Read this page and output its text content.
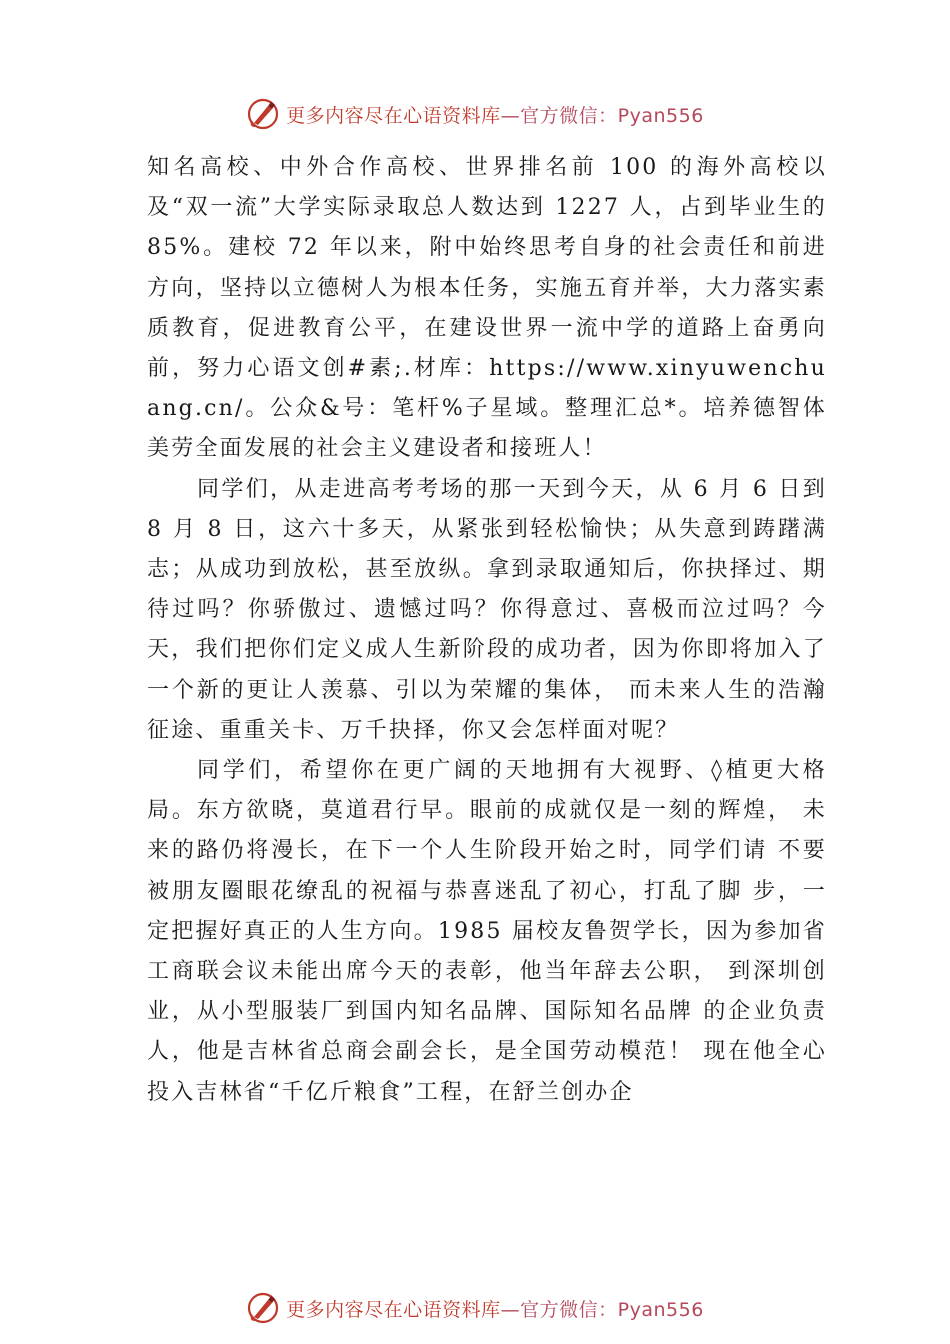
更多内容尽在心语资料库 —官方微信：Pyan556

知名高校、中外合作高校、世界排名前 100 的海外高校以及“双一流”大学实际录取总人数达到 1227 人，占到毕业生的 85%。建校 72 年以来，附中始终思考自身的社会责任和前进方向，坚持以立德树人为根本任务，实施五育并举，大力落实素质教育，促进教育公平，在建设世界一流中学的道路上奋勇向前，努力心语文创#素;.材库：https://www.xinyuwenchuang.cn/。公众&号：笔杆%子星域。整理汇总*。培养德智体美劳全面发展的社会主义建设者和接班人！

同学们，从走进高考考场的那一天到今天，从 6 月 6 日到 8 月 8 日，这六十多天，从紧张到轻松愉快；从失意到踌躇满志；从成功到放松，甚至放纵。拿到录取通知后，你抉择过、期待过吗？你骄傲过、遗憾过吗？你得意过、喜极而泣过吗？今天，我们把你们定义成人生新阶段的成功者，因为你即将加入了一个新的更让人羡慕、引以为荣耀的集体， 而未来人生的浩瀚征途、重重关卡、万千抉择，你又会怎样面对呢？

同学们，希望你在更广阔的天地拥有大视野、◊植更大格局。东方欲晓，莫道君行早。眼前的成就仅是一刻的辉煌， 未来的路仍将漫长，在下一个人生阶段开始之时，同学们请 不要被朋友圈眼花缭乱的祝福与恭喜迷乱了初心，打乱了脚 步，一定把握好真正的人生方向。1985 届校友鲁贺学长，因为参加省工商联会议未能出席今天的表彰，他当年辞去公职， 到深圳创业，从小型服装厂到国内知名品牌、国际知名品牌 的企业负责人，他是吉林省总商会副会长，是全国劳动模范！ 现在他全心投入吉林省“千亿斤粮食”工程，在舒兰创办企

更多内容尽在心语资料库 —官方微信：Pyan556
